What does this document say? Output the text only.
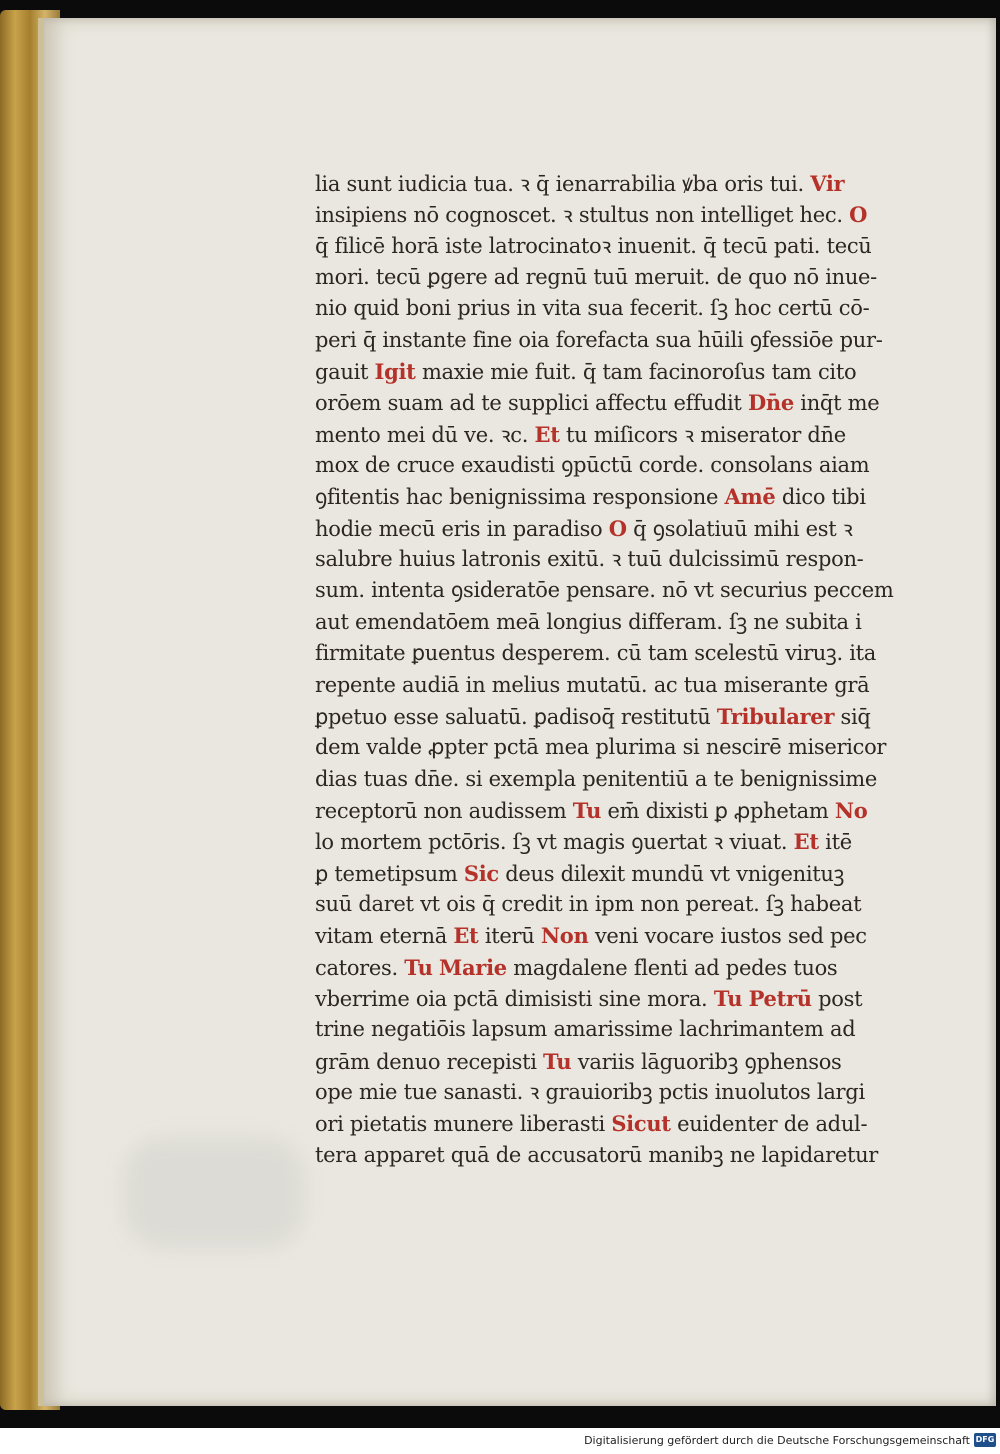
lia sunt iudicia tua. ꝛ q̄ ienarrabilia ꝟba oris tui. Vir
insipiens nō cognoscet. ꝛ stultus non intelliget hec. O
q̄ filicē horā iste latrocinatoꝛ inuenit. q̄ tecū pati. tecū
mori. tecū ꝑgere ad regnū tuū meruit. de quo nō inue-
nio quid boni prius in vita sua fecerit. ſꝫ hoc certū cō-
peri q̄ instante fine oia forefacta sua hūili ꝯfessiōe pur-
gauit Igit maxie mie fuit. q̄ tam facinoroſus tam cito
orōem suam ad te supplici affectu effudit Dn̄e inq̄t me
mento mei dū ve. ꝛc. Et tu miſicors ꝛ miserator dn̄e
mox de cruce exaudisti ꝯpūctū corde. consolans aiam
ꝯfitentis hac benignissima responsione Amē dico tibi
hodie mecū eris in paradiso O q̄ ꝯsolatiuū mihi est ꝛ
salubre huius latronis exitū. ꝛ tuū dulcissimū respon-
sum. intenta ꝯsideratōe pensare. nō vt securius peccem
aut emendatōem meā longius differam. ſꝫ ne subita i
firmitate ꝑuentus desperem. cū tam scelestū viruꝫ. ita
repente audiā in melius mutatū. ac tua miserante grā
ꝑpetuo esse saluatū. ꝑadisoq̄ restitutū Tribularer siq̄
dem valde ꝓpter pctā mea plurima si nescirē misericor
dias tuas dn̄e. si exempla penitentiū a te benignissime
receptorū non audissem Tu em̄ dixisti ꝑ ꝓphetam No
lo mortem pctōris. ſꝫ vt magis ꝯuertat ꝛ viuat. Et itē
ꝑ temetipsum Sic deus dilexit mundū vt vnigenituꝫ
suū daret vt ois q̄ credit in ipm non pereat. ſꝫ habeat
vitam eternā Et iterū Non veni vocare iustos sed pec
catores. Tu Marie magdalene flenti ad pedes tuos
vberrime oia pctā dimisisti sine mora. Tu Petrū post
trine negatiōis lapsum amarissime lachrimantem ad
grām denuo recepisti Tu variis lāguoribꝫ ꝯphensos
ope mie tue sanasti. ꝛ grauioribꝫ pctis inuolutos largi
ori pietatis munere liberasti Sicut euidenter de adul-
tera apparet quā de accusatorū manibꝫ ne lapidaretur
Digitalisierung gefördert durch die Deutsche Forschungsgemeinschaft DFG
